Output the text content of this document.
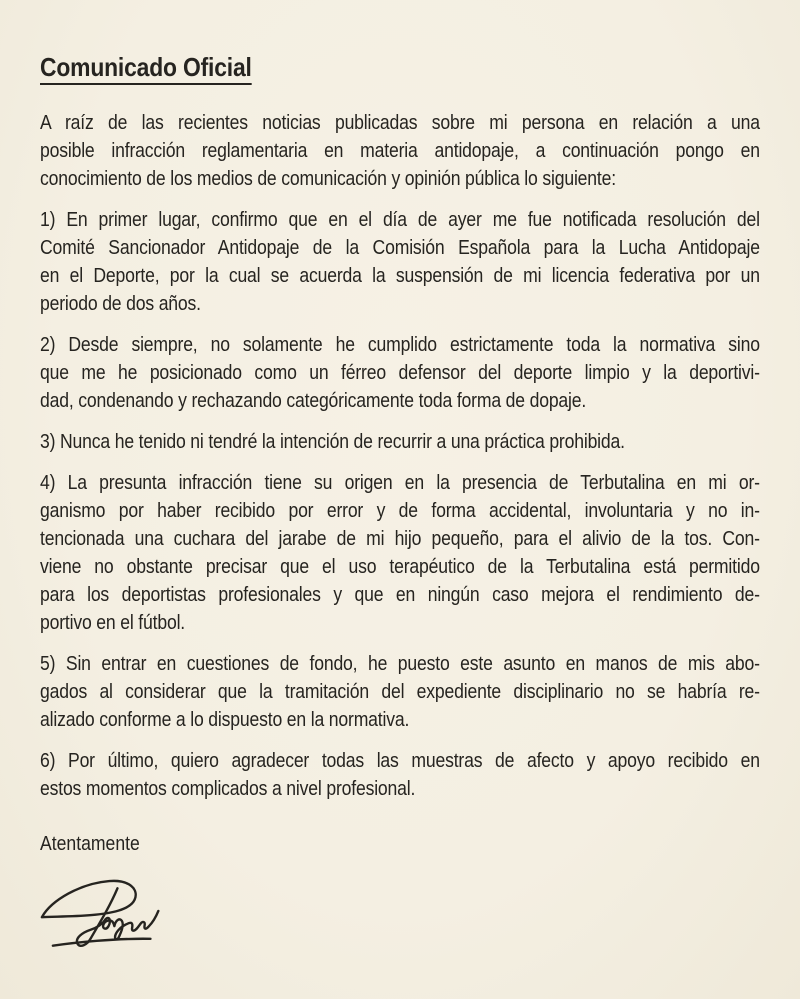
Comunicado Oficial
A raíz de las recientes noticias publicadas sobre mi persona en relación a una
posible infracción reglamentaria en materia antidopaje, a continuación pongo en
conocimiento de los medios de comunicación y opinión pública lo siguiente:
1) En primer lugar, confirmo que en el día de ayer me fue notificada resolución del
Comité Sancionador Antidopaje de la Comisión Española para la Lucha Antidopaje
en el Deporte, por la cual se acuerda la suspensión de mi licencia federativa por un
periodo de dos años.
2) Desde siempre, no solamente he cumplido estrictamente toda la normativa sino
que me he posicionado como un férreo defensor del deporte limpio y la deportivi-
dad, condenando y rechazando categóricamente toda forma de dopaje.
3) Nunca he tenido ni tendré la intención de recurrir a una práctica prohibida.
4) La presunta infracción tiene su origen en la presencia de Terbutalina en mi or-
ganismo por haber recibido por error y de forma accidental, involuntaria y no in-
tencionada una cuchara del jarabe de mi hijo pequeño, para el alivio de la tos. Con-
viene no obstante precisar que el uso terapéutico de la Terbutalina está permitido
para los deportistas profesionales y que en ningún caso mejora el rendimiento de-
portivo en el fútbol.
5) Sin entrar en cuestiones de fondo, he puesto este asunto en manos de mis abo-
gados al considerar que la tramitación del expediente disciplinario no se habría re-
alizado conforme a lo dispuesto en la normativa.
6) Por último, quiero agradecer todas las muestras de afecto y apoyo recibido en
estos momentos complicados a nivel profesional.
Atentamente
